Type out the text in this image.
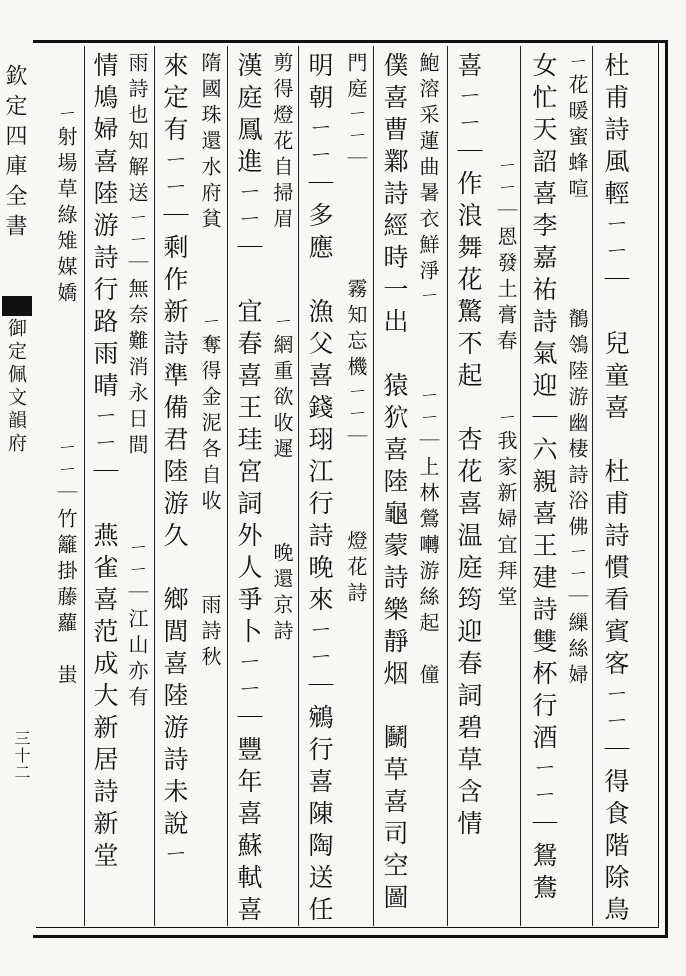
欽定四庫全書
御定佩文韻府
三十二	杜甫詩風輕ㄧㄧ｜　兒童喜　杜甫詩慣看賓客ㄧㄧ｜得食階除鳥
ㄧ花暖蜜蜂喧　　　　鶺鴒陸游幽棲詩浴佛ㄧㄧ｜繅絲婦
女忙天詔喜李嘉祐詩氣迎｜六親喜王建詩雙杯行酒ㄧㄧ｜鴛鴦
　　　　ㄧㄧ｜恩發土膏春　　ㄧ我家新婦宜拜堂
喜ㄧㄧ｜作浪舞花驚不起　杏花喜温庭筠迎春詞碧草含情
鮑溶采蓮曲暑衣鮮淨ㄧ　　　ㄧㄧ｜上林鶯囀游絲起　僮
僕喜曹鄴詩經時一出　猿狖喜陸龜蒙詩樂靜烟　鬭草喜司空圖
門庭ㄧㄧ｜　　　　霧知忘機ㄧㄧ｜　　　燈花詩
明朝ㄧㄧ｜多應　漁父喜錢珝江行詩晚來ㄧㄧ｜鵷行喜陳陶送任
剪得燈花自掃眉　　　ㄧ網重欲收遲　　　晚還京詩
漢庭鳳進ㄧㄧ｜　宜春喜王珪宮詞外人爭卜ㄧㄧ｜豐年喜蘇軾喜
隋國珠還水府貧　　　ㄧ奪得金泥各自收　　　雨詩秋
來定有ㄧㄧ｜剩作新詩準備君陸游久　鄉閭喜陸游詩未說ㄧ
雨詩也知解送ㄧㄧ｜無奈難消永日間　　　ㄧㄧ｜江山亦有
情鳩婦喜陸游詩行路雨晴ㄧㄧ｜　燕雀喜范成大新居詩新堂
　　ㄧ射場草綠雉媒嬌　　　　　ㄧㄧ｜竹籬掛藤蘿　蚩
